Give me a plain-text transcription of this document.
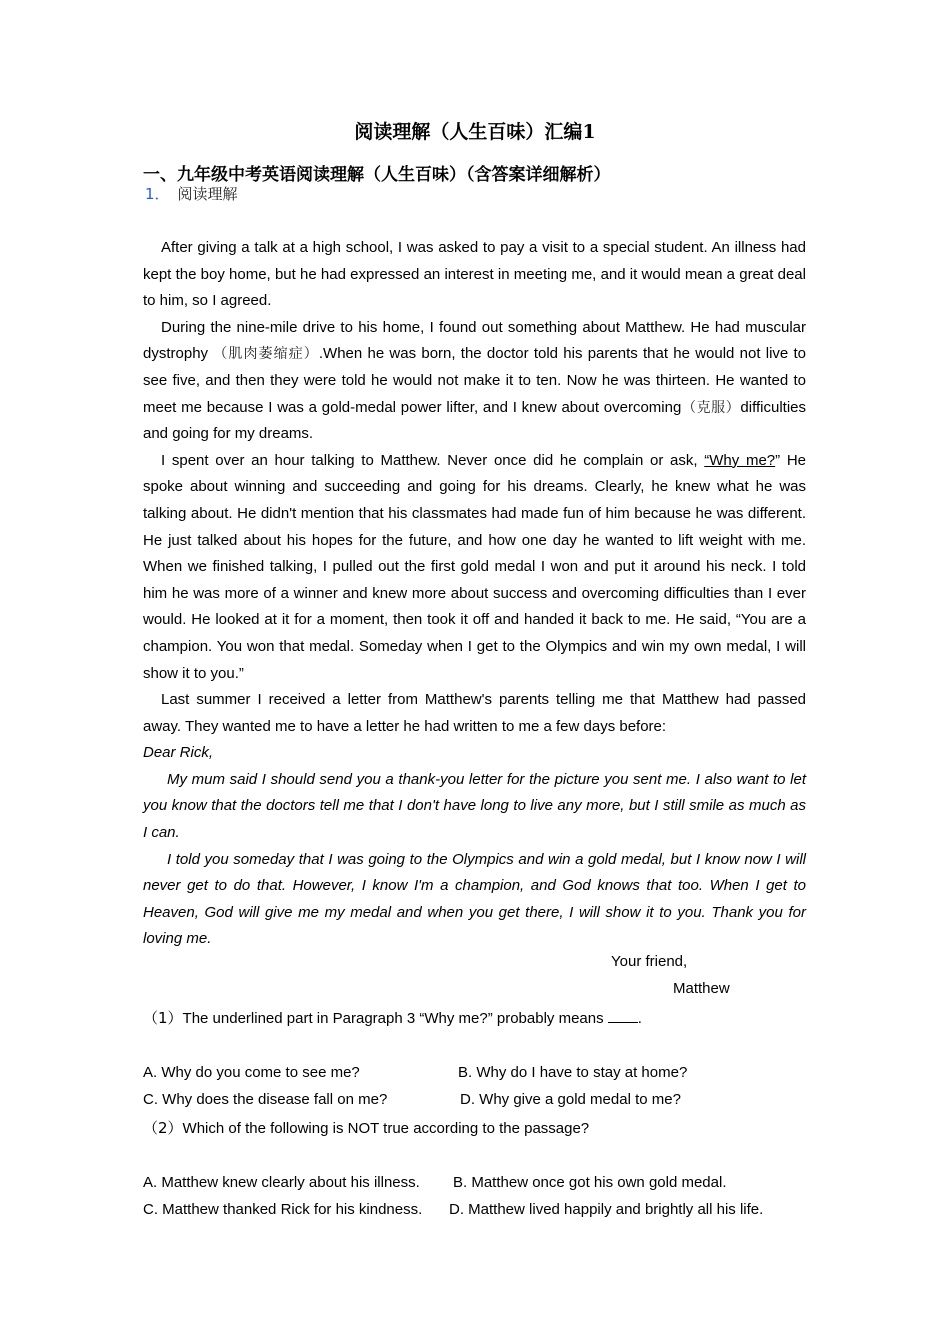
阅读理解（人生百味）汇编1
一、九年级中考英语阅读理解（人生百味）（含答案详细解析）
1． 阅读理解

After giving a talk at a high school, I was asked to pay a visit to a special student. An illness had kept the boy home, but he had expressed an interest in meeting me, and it would mean a great deal to him, so I agreed.

During the nine-mile drive to his home, I found out something about Matthew. He had muscular dystrophy （肌肉萎缩症）.When he was born, the doctor told his parents that he would not live to see five, and then they were told he would not make it to ten. Now he was thirteen. He wanted to meet me because I was a gold-medal power lifter, and I knew about overcoming（克服）difficulties and going for my dreams.

I spent over an hour talking to Matthew. Never once did he complain or ask, “Why me?” He spoke about winning and succeeding and going for his dreams. Clearly, he knew what he was talking about. He didn't mention that his classmates had made fun of him because he was different. He just talked about his hopes for the future, and how one day he wanted to lift weight with me. When we finished talking, I pulled out the first gold medal I won and put it around his neck. I told him he was more of a winner and knew more about success and overcoming difficulties than I ever would. He looked at it for a moment, then took it off and handed it back to me. He said, “You are a champion. You won that medal. Someday when I get to the Olympics and win my own medal, I will show it to you.”

Last summer I received a letter from Matthew's parents telling me that Matthew had passed away. They wanted me to have a letter he had written to me a few days before:

Dear Rick,

My mum said I should send you a thank-you letter for the picture you sent me. I also want to let you know that the doctors tell me that I don't have long to live any more, but I still smile as much as I can.

I told you someday that I was going to the Olympics and win a gold medal, but I know now I will never get to do that. However, I know I'm a champion, and God knows that too. When I get to Heaven, God will give me my medal and when you get there, I will show it to you. Thank you for loving me.

Your friend,
Matthew
（1）The underlined part in Paragraph 3 “Why me?” probably means .
A. Why do you come to see me?	B. Why do I have to stay at home?
C. Why does the disease fall on me?	D. Why give a gold medal to me?
（2）Which of the following is NOT true according to the passage?
A. Matthew knew clearly about his illness. B. Matthew once got his own gold medal.
C. Matthew thanked Rick for his kindness. D. Matthew lived happily and brightly all his life.
